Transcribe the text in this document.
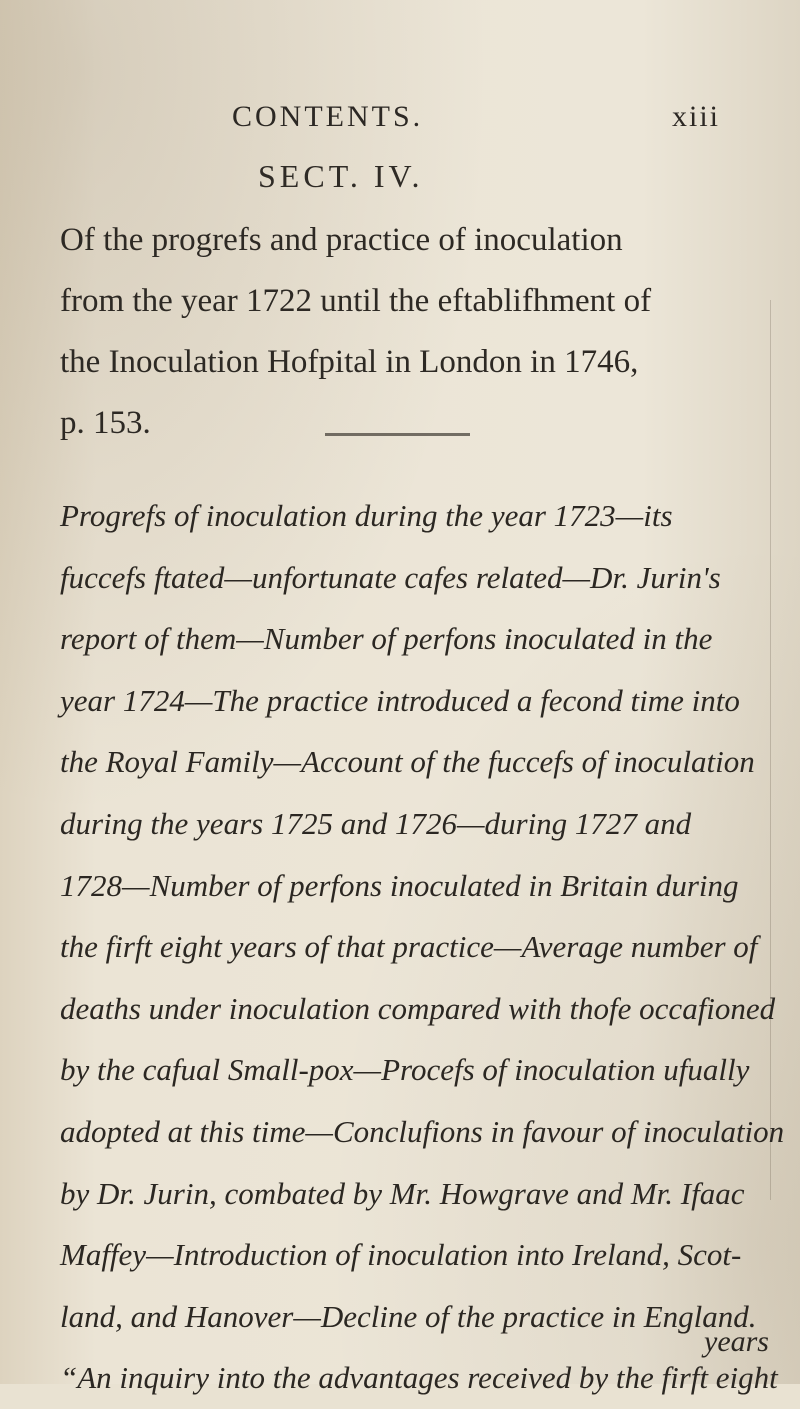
CONTENTS.	xiii
SECT. IV.
Of the progrefs and practice of inoculation
from the year 1722 until the eftablifhment of
the Inoculation Hofpital in London in 1746,
p. 153.
Progrefs of inoculation during the year 1723—its
fuccefs ftated—unfortunate cafes related—Dr. Jurin's
report of them—Number of perfons inoculated in the
year 1724—The practice introduced a fecond time into
the Royal Family—Account of the fuccefs of inoculation
during the years 1725 and 1726—during 1727 and
1728—Number of perfons inoculated in Britain during
the firft eight years of that practice—Average number of
deaths under inoculation compared with thofe occafioned
by the cafual Small-pox—Procefs of inoculation ufually
adopted at this time—Conclufions in favour of inoculation
by Dr. Jurin, combated by Mr. Howgrave and Mr. Ifaac
Maffey—Introduction of inoculation into Ireland, Scot-
land, and Hanover—Decline of the practice in England.
“An inquiry into the advantages received by the firft eight
years
